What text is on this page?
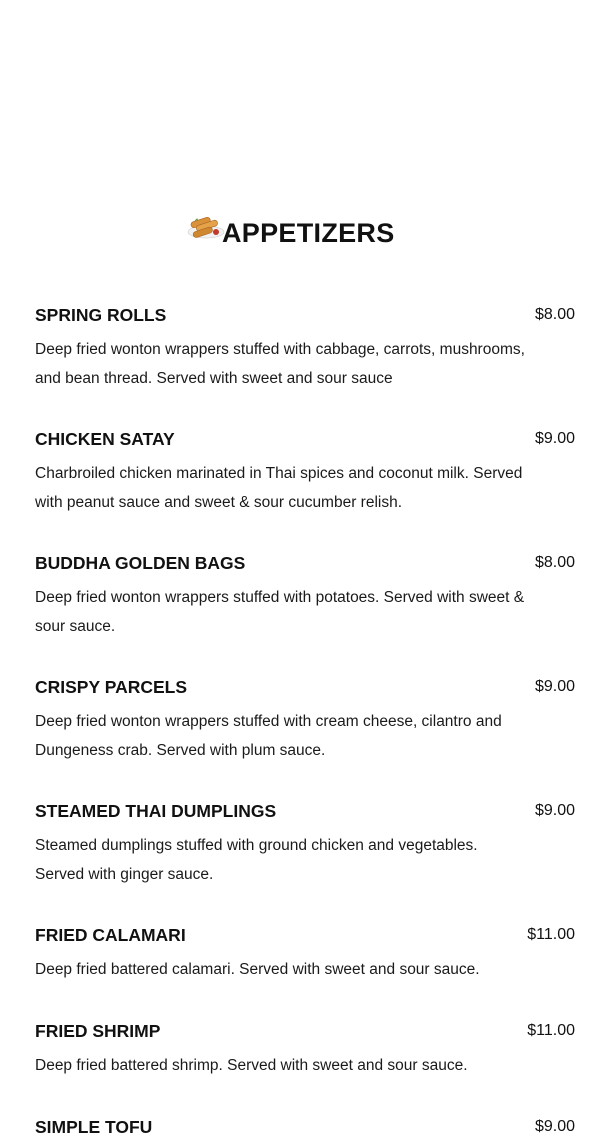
APPETIZERS
SPRING ROLLS	$8.00

Deep fried wonton wrappers stuffed with cabbage, carrots, mushrooms, and bean thread. Served with sweet and sour sauce

CHICKEN SATAY	$9.00

Charbroiled chicken marinated in Thai spices and coconut milk. Served with peanut sauce and sweet & sour cucumber relish.

BUDDHA GOLDEN BAGS	$8.00

Deep fried wonton wrappers stuffed with potatoes. Served with sweet & sour sauce.

CRISPY PARCELS	$9.00

Deep fried wonton wrappers stuffed with cream cheese, cilantro and Dungeness crab. Served with plum sauce.

STEAMED THAI DUMPLINGS	$9.00

Steamed dumplings stuffed with ground chicken and vegetables. Served with ginger sauce.

FRIED CALAMARI	$11.00

Deep fried battered calamari. Served with sweet and sour sauce.

FRIED SHRIMP	$11.00

Deep fried battered shrimp. Served with sweet and sour sauce.

SIMPLE TOFU	$9.00
